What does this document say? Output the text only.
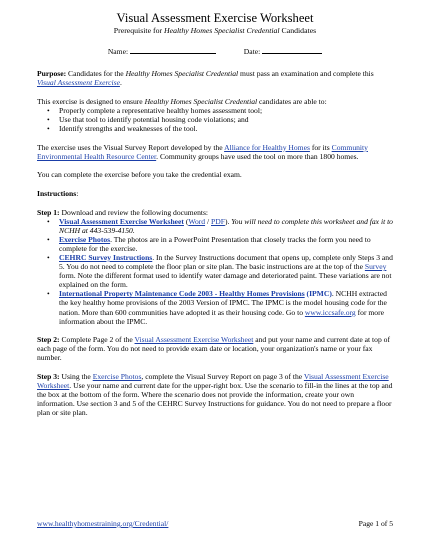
Visual Assessment Exercise Worksheet

Prerequisite for Healthy Homes Specialist Credential Candidates

Name:	Date:

Purpose: Candidates for the Healthy Homes Specialist Credential must pass an examination and complete this Visual Assessment Exercise.

This exercise is designed to ensure Healthy Homes Specialist Credential candidates are able to:

• Properly complete a representative healthy homes assessment tool;
• Use that tool to identify potential housing code violations; and
• Identify strengths and weaknesses of the tool.

The exercise uses the Visual Survey Report developed by the Alliance for Healthy Homes for its Community Environmental Health Resource Center. Community groups have used the tool on more than 1800 homes.

You can complete the exercise before you take the credential exam.

Instructions:

Step 1: Download and review the following documents:

• Visual Assessment Exercise Worksheet (Word / PDF). You will need to complete this worksheet and fax it to NCHH at 443-539-4150.
• Exercise Photos. The photos are in a PowerPoint Presentation that closely tracks the form you need to complete for the exercise.
• CEHRC Survey Instructions. In the Survey Instructions document that opens up, complete only Steps 3 and 5. You do not need to complete the floor plan or site plan. The basic instructions are at the top of the Survey form. Note the different format used to identify water damage and deteriorated paint. These variations are not explained on the form.
• International Property Maintenance Code 2003 - Healthy Homes Provisions (IPMC). NCHH extracted the key healthy home provisions of the 2003 Version of IPMC. The IPMC is the model housing code for the nation. More than 600 communities have adopted it as their housing code. Go to www.iccsafe.org for more information about the IPMC.

Step 2: Complete Page 2 of the Visual Assessment Exercise Worksheet and put your name and current date at top of each page of the form. You do not need to provide exam date or location, your organization's name or your fax number.

Step 3: Using the Exercise Photos, complete the Visual Survey Report on page 3 of the Visual Assessment Exercise Worksheet. Use your name and current date for the upper-right box. Use the scenario to fill-in the lines at the top and the box at the bottom of the form. Where the scenario does not provide the information, create your own information. Use section 3 and 5 of the CEHRC Survey Instructions for guidance. You do not need to prepare a floor plan or site plan.

www.healthyhomestraining.org/Credential/	Page 1 of 5
